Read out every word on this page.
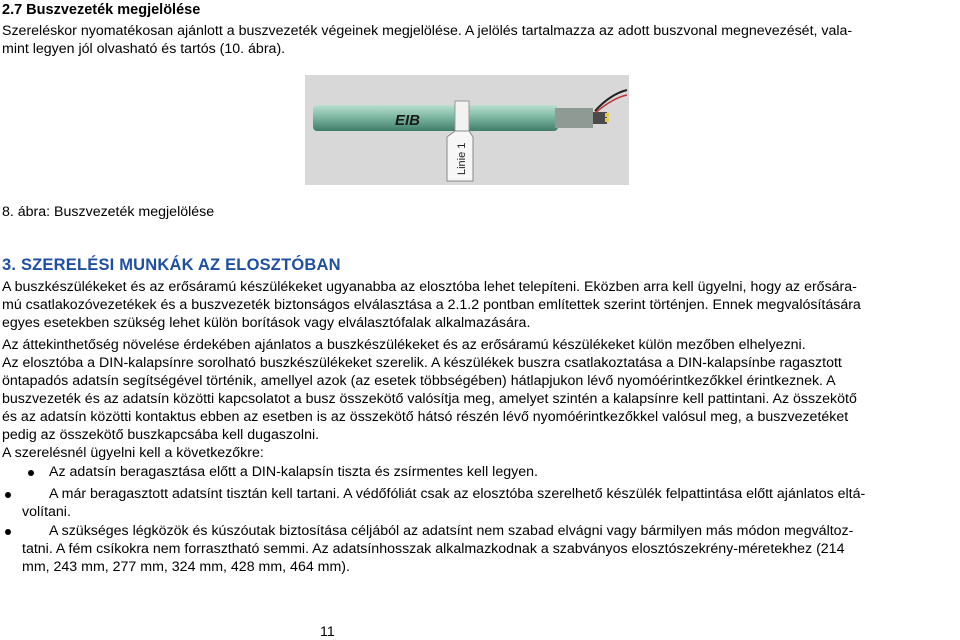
2.7 Buszvezeték megjelölése
Szereléskor nyomatékosan ajánlott a buszvezeték végeinek megjelölése. A jelölés tartalmazza az adott buszvonal megnevezését, vala-
mint legyen jól olvasható és tartós (10. ábra).
EIB
Linie 1
8. ábra: Buszvezeték megjelölése
3. SZERELÉSI MUNKÁK AZ ELOSZTÓBAN
A buszkészülékeket és az erősáramú készülékeket ugyanabba az elosztóba lehet telepíteni. Eközben arra kell ügyelni, hogy az erősára-
mú csatlakozóvezetékek és a buszvezeték biztonságos elválasztása a 2.1.2 pontban említettek szerint történjen. Ennek megvalósítására
egyes esetekben szükség lehet külön borítások vagy elválasztófalak alkalmazására.
Az áttekinthetőség növelése érdekében ajánlatos a buszkészülékeket és az erősáramú készülékeket külön mezőben elhelyezni.
Az elosztóba a DIN-kalapsínre sorolható buszkészülékeket szerelik. A készülékek buszra csatlakoztatása a DIN-kalapsínbe ragasztott
öntapadós adatsín segítségével történik, amellyel azok (az esetek többségében) hátlapjukon lévő nyomóérintkezőkkel érintkeznek. A
buszvezeték és az adatsín közötti kapcsolatot a busz összekötő valósítja meg, amelyet szintén a kalapsínre kell pattintani. Az összekötő
és az adatsín közötti kontaktus ebben az esetben is az összekötő hátsó részén lévő nyomóérintkezőkkel valósul meg, a buszvezetéket
pedig az összekötő buszkapcsába kell dugaszolni.
A szerelésnél ügyelni kell a következőkre:
Az adatsín beragasztása előtt a DIN-kalapsín tiszta és zsírmentes kell legyen.
A már beragasztott adatsínt tisztán kell tartani. A védőfóliát csak az elosztóba szerelhető készülék felpattintása előtt ajánlatos eltá-
volítani.
A szükséges légközök és kúszóutak biztosítása céljából az adatsínt nem szabad elvágni vagy bármilyen más módon megváltoz-
tatni. A fém csíkokra nem forrasztható semmi. Az adatsínhosszak alkalmazkodnak a szabványos elosztószekrény-méretekhez (214
mm, 243 mm, 277 mm, 324 mm, 428 mm, 464 mm).
11
